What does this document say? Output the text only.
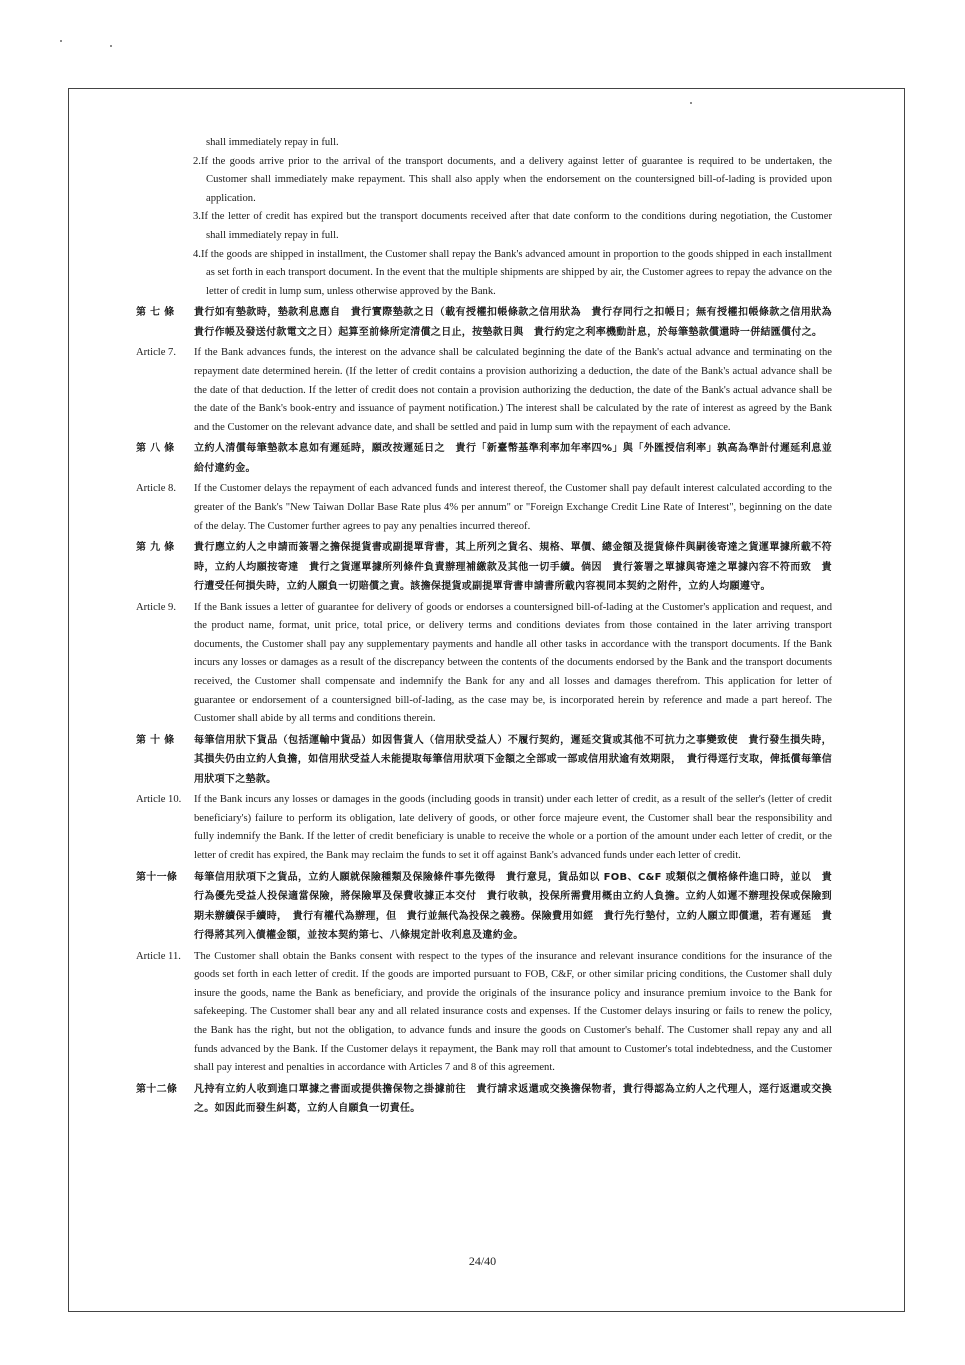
shall immediately repay in full.

2.If the goods arrive prior to the arrival of the transport documents, and a delivery against letter of guarantee is required to be undertaken, the Customer shall immediately make repayment. This shall also apply when the endorsement on the countersigned bill-of-lading is provided upon application.

3.If the letter of credit has expired but the transport documents received after that date conform to the conditions during negotiation, the Customer shall immediately repay in full.

4.If the goods are shipped in installment, the Customer shall repay the Bank's advanced amount in proportion to the goods shipped in each installment as set forth in each transport document. In the event that the multiple shipments are shipped by air, the Customer agrees to repay the advance on the letter of credit in lump sum, unless otherwise approved by the Bank.

第 七 條	貴行如有墊款時，墊款利息應自　貴行實際墊款之日（載有授權扣帳條款之信用狀為　貴行存同行之扣帳日；無有授權扣帳條款之信用狀為　貴行作帳及發送付款電文之日）起算至前條所定清償之日止，按墊款日與　貴行約定之利率機動計息，於每筆墊款償還時一併結匯償付之。
Article 7.	If the Bank advances funds, the interest on the advance shall be calculated beginning the date of the Bank's actual advance and terminating on the repayment date determined herein. (If the letter of credit contains a provision authorizing a deduction, the date of the Bank's actual advance shall be the date of that deduction. If the letter of credit does not contain a provision authorizing the deduction, the date of the Bank's actual advance shall be the date of the Bank's book-entry and issuance of payment notification.) The interest shall be calculated by the rate of interest as agreed by the Bank and the Customer on the relevant advance date, and shall be settled and paid in lump sum with the repayment of each advance.
第 八 條	立約人清償每筆墊款本息如有遲延時，願改按遲延日之　貴行「新臺幣基準利率加年率四%」與「外匯授信利率」孰高為準計付遲延利息並給付違約金。
Article 8.	If the Customer delays the repayment of each advanced funds and interest thereof, the Customer shall pay default interest calculated according to the greater of the Bank's "New Taiwan Dollar Base Rate plus 4% per annum" or "Foreign Exchange Credit Line Rate of Interest", beginning on the date of the delay. The Customer further agrees to pay any penalties incurred thereof.
第 九 條	貴行應立約人之申請而簽署之擔保提貨書或副提單背書，其上所列之貨名、規格、單價、總金額及提貨條件與嗣後寄達之貨運單據所載不符時，立約人均願按寄達　貴行之貨運單據所列條件負責辦理補繳款及其他一切手續。倘因　貴行簽署之單據與寄達之單據內容不符而致　貴行遭受任何損失時，立約人願負一切賠償之責。該擔保提貨或副提單背書申請書所載內容視同本契約之附件，立約人均願遵守。
Article 9.	If the Bank issues a letter of guarantee for delivery of goods or endorses a countersigned bill-of-lading at the Customer's application and request, and the product name, format, unit price, total price, or delivery terms and conditions deviates from those contained in the later arriving transport documents, the Customer shall pay any supplementary payments and handle all other tasks in accordance with the transport documents. If the Bank incurs any losses or damages as a result of the discrepancy between the contents of the documents endorsed by the Bank and the transport documents received, the Customer shall compensate and indemnify the Bank for any and all losses and damages therefrom. This application for letter of guarantee or endorsement of a countersigned bill-of-lading, as the case may be, is incorporated herein by reference and made a part hereof. The Customer shall abide by all terms and conditions therein.
第 十 條	每筆信用狀下貨品（包括運輸中貨品）如因售貨人（信用狀受益人）不履行契約，遲延交貨或其他不可抗力之事變致使　貴行發生損失時，其損失仍由立約人負擔，如信用狀受益人未能提取每筆信用狀項下金額之全部或一部或信用狀逾有效期限，　貴行得逕行支取，俾抵償每筆信用狀項下之墊款。
Article 10.	If the Bank incurs any losses or damages in the goods (including goods in transit) under each letter of credit, as a result of the seller's (letter of credit beneficiary's) failure to perform its obligation, late delivery of goods, or other force majeure event, the Customer shall bear the responsibility and fully indemnify the Bank. If the letter of credit beneficiary is unable to receive the whole or a portion of the amount under each letter of credit, or the letter of credit has expired, the Bank may reclaim the funds to set it off against Bank's advanced funds under each letter of credit.
第十一條	每筆信用狀項下之貨品，立約人願就保險種類及保險條件事先徵得　貴行意見，貨品如以 FOB、C&F 或類似之價格條件進口時，並以　貴行為優先受益人投保適當保險，將保險單及保費收據正本交付　貴行收執，投保所需費用概由立約人負擔。立約人如遲不辦理投保或保險到期未辦續保手續時，　貴行有權代為辦理，但　貴行並無代為投保之義務。保險費用如經　貴行先行墊付，立約人願立即償還，若有遲延　貴行得將其列入債權金額，並按本契約第七、八條規定計收利息及違約金。
Article 11.	The Customer shall obtain the Banks consent with respect to the types of the insurance and relevant insurance conditions for the insurance of the goods set forth in each letter of credit. If the goods are imported pursuant to FOB, C&F, or other similar pricing conditions, the Customer shall duly insure the goods, name the Bank as beneficiary, and provide the originals of the insurance policy and insurance premium invoice to the Bank for safekeeping. The Customer shall bear any and all related insurance costs and expenses. If the Customer delays insuring or fails to renew the policy, the Bank has the right, but not the obligation, to advance funds and insure the goods on Customer's behalf. The Customer shall repay any and all funds advanced by the Bank. If the Customer delays it repayment, the Bank may roll that amount to Customer's total indebtedness, and the Customer shall pay interest and penalties in accordance with Articles 7 and 8 of this agreement.
第十二條	凡持有立約人收到進口單據之書面或提供擔保物之掛據前往　貴行請求返還或交換擔保物者，貴行得認為立約人之代理人，逕行返還或交換之。如因此而發生糾葛，立約人自願負一切責任。
24/40
